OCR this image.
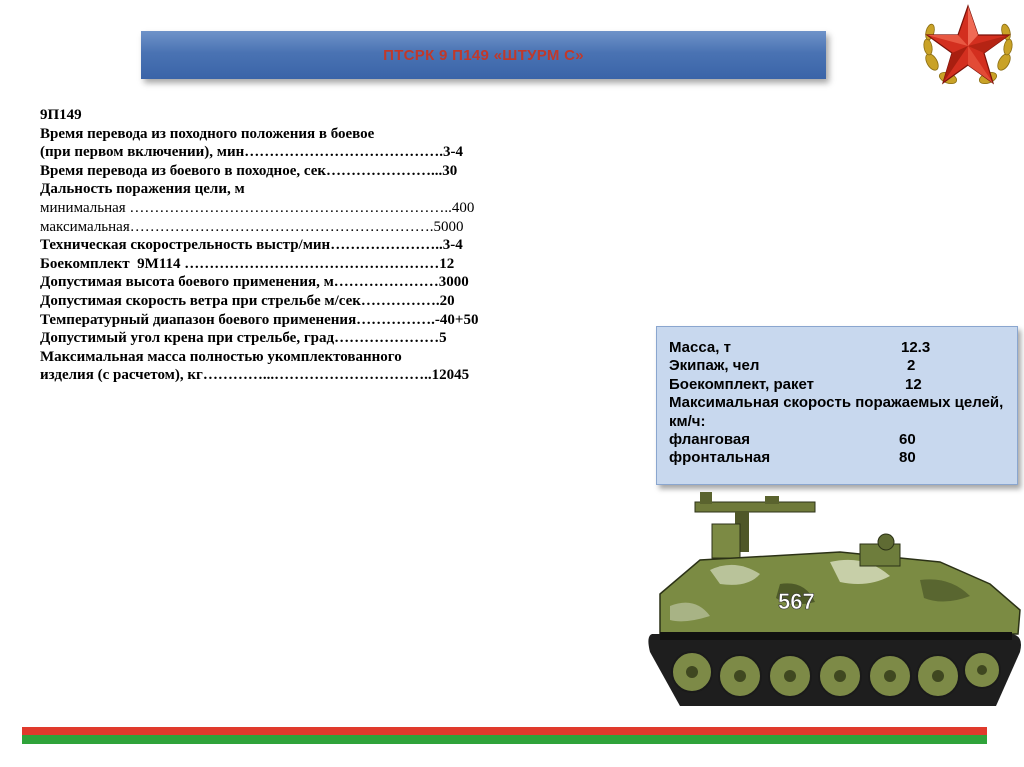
ПТСРК 9 П149 «ШТУРМ С»
9П149
Время перевода из походного положения в боевое
(при первом включении), мин………………………………….3-4
Время перевода из боевого в походное, сек…………………...30
Дальность поражения цели, м
минимальная ………………………………………………………..400
максимальная…………………………………………………….5000
Техническая скорострельность выстр/мин…………………..3-4
Боекомплект  9М114 ……………………………………………12
Допустимая высота боевого применения, м…………………3000
Допустимая скорость ветра при стрельбе м/сек…………….20
Температурный диапазон боевого применения…………….-40+50
Допустимый угол крена при стрельбе, град…………………5
Максимальная масса полностью укомплектованного
изделия (с расчетом), кг…………...…………………………..12045
Масса, т	12.3
Экипаж, чел	2
Боекомплект, ракет	12
Максимальная скорость поражаемых целей, км/ч:
фланговая	60
фронтальная	80
567
